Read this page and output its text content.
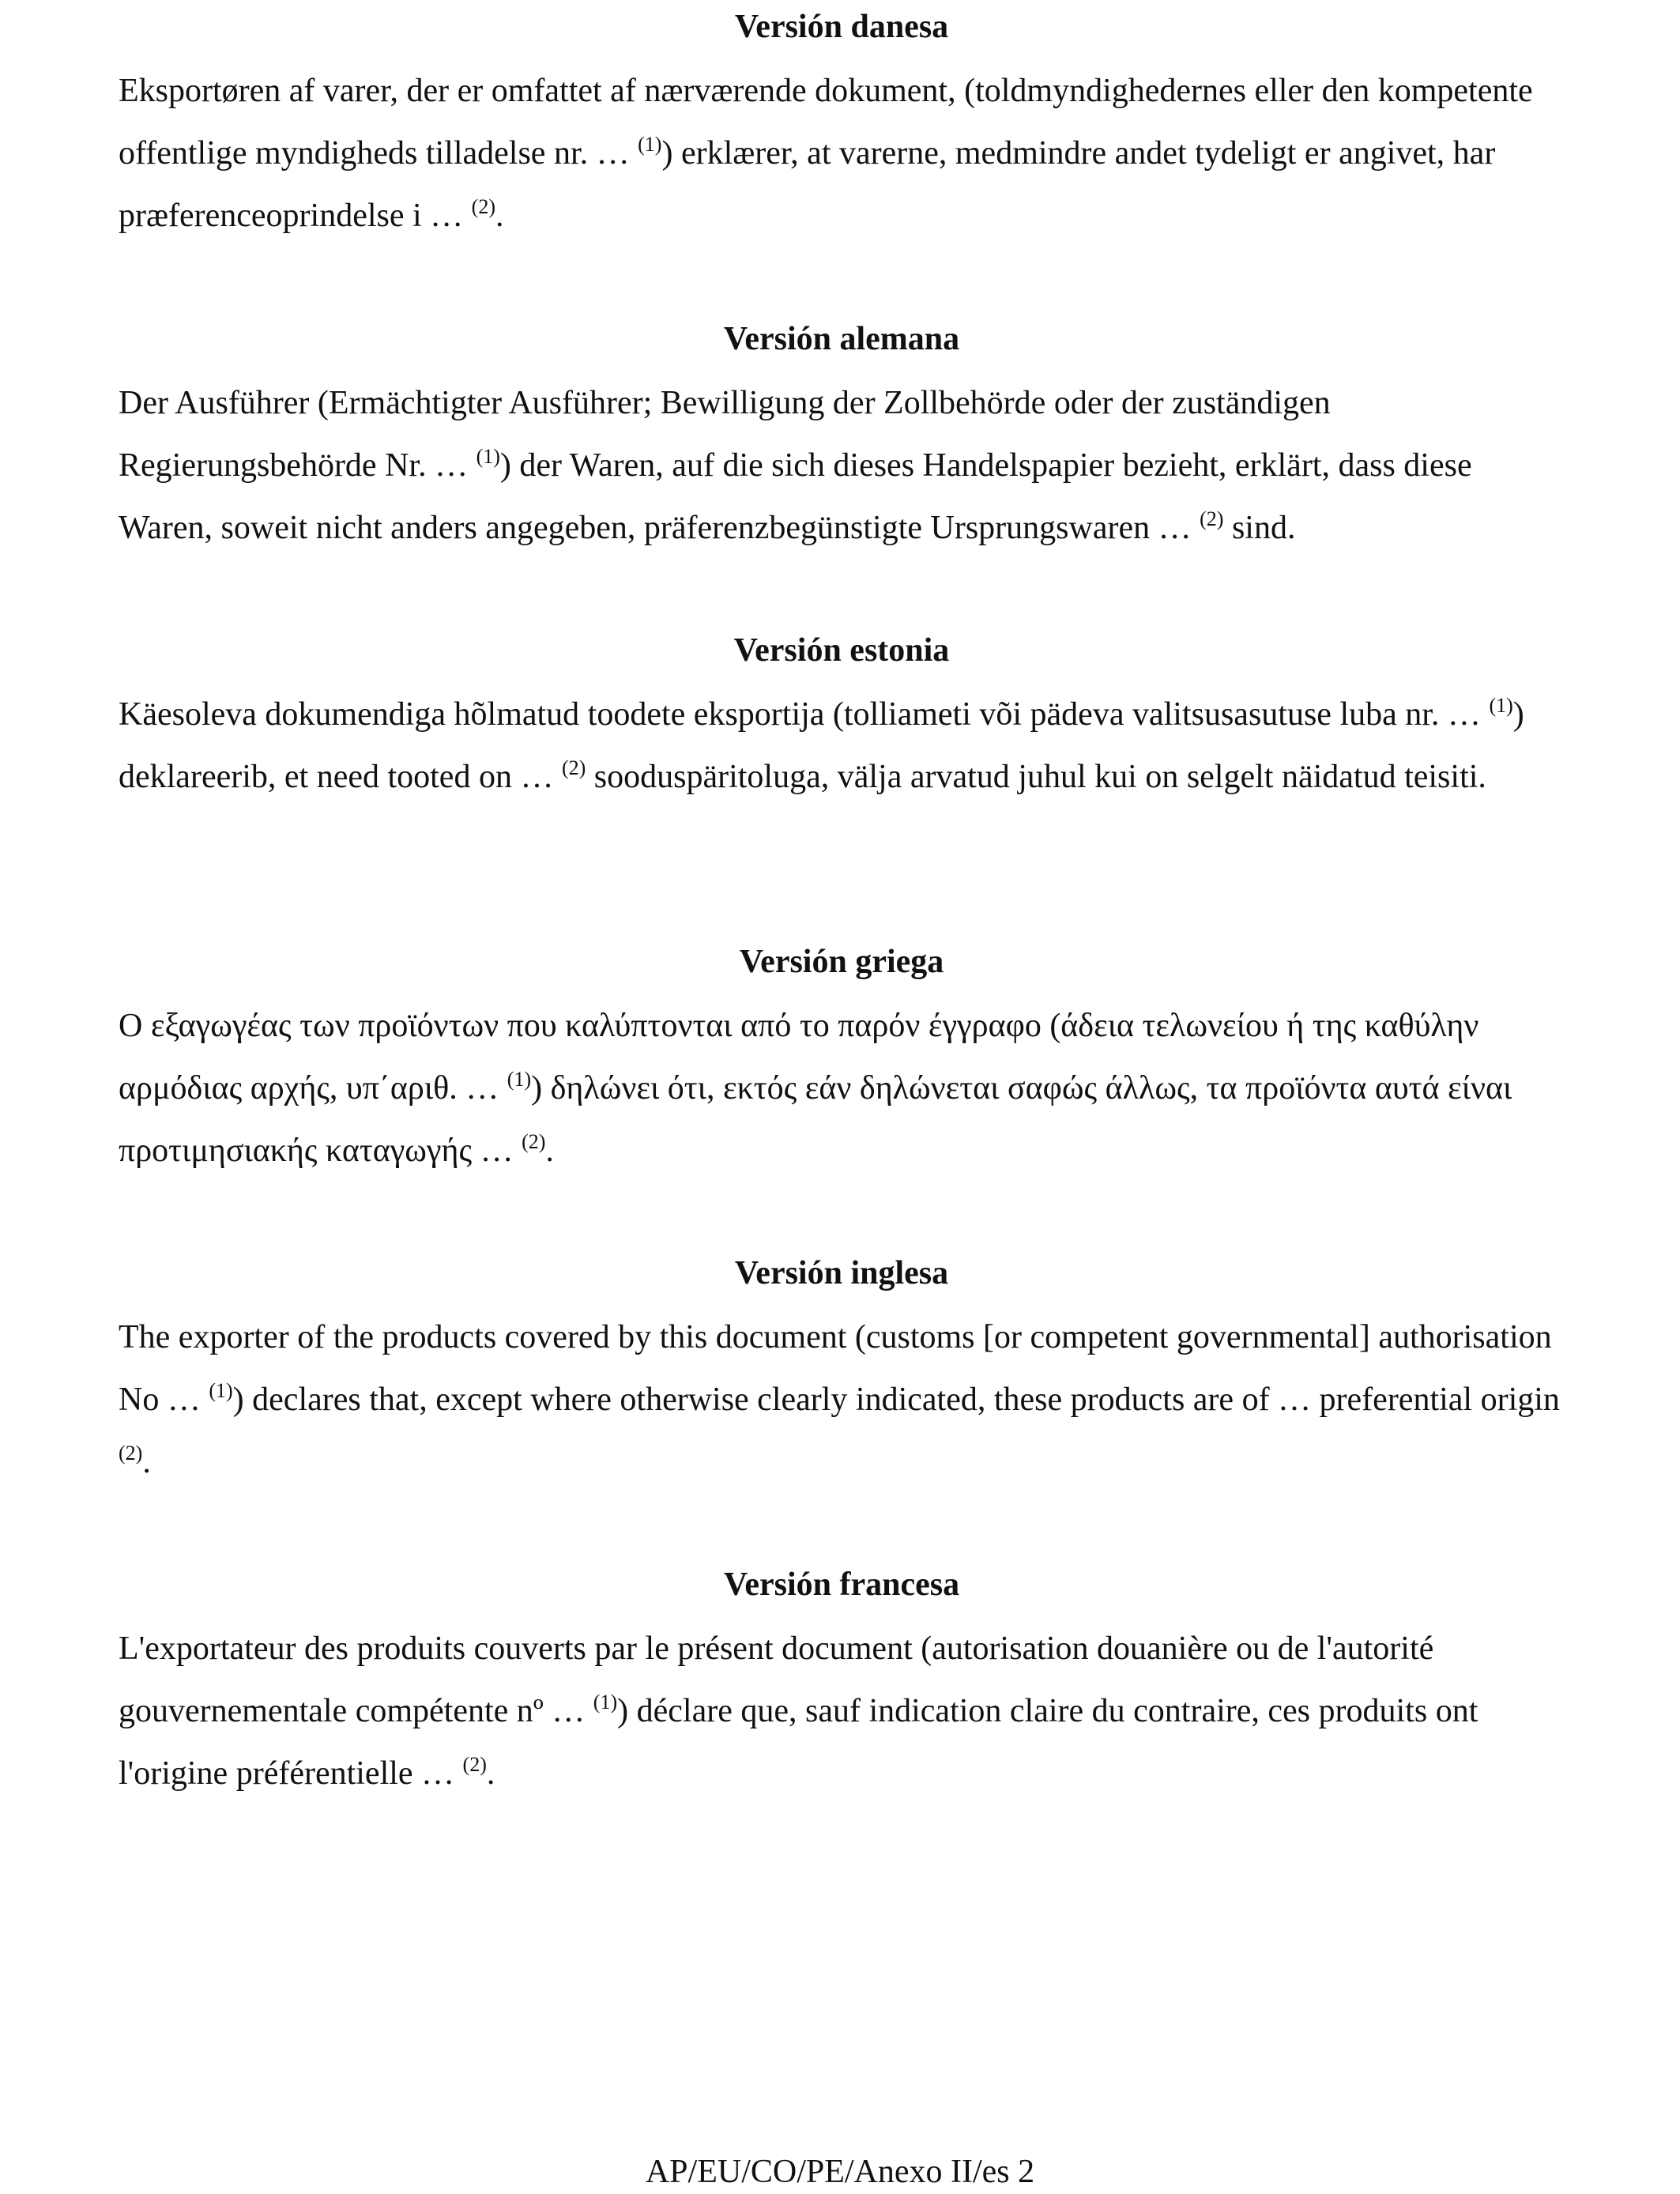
Versión danesa

Eksportøren af varer, der er omfattet af nærværende dokument, (toldmyndighedernes eller den kompetente offentlige myndigheds tilladelse nr. … $^{(1)}$) erklærer, at varerne, medmindre andet tydeligt er angivet, har præferenceoprindelse i … $^{(2)}$.

Versión alemana

Der Ausführer (Ermächtigter Ausführer; Bewilligung der Zollbehörde oder der zuständigen Regierungsbehörde Nr. … $^{(1)}$) der Waren, auf die sich dieses Handelspapier bezieht, erklärt, dass diese Waren, soweit nicht anders angegeben, präferenzbegünstigte Ursprungswaren … $^{(2)}$ sind.

Versión estonia

Käesoleva dokumendiga hõlmatud toodete eksportija (tolliameti või pädeva valitsusasutuse luba nr. … $^{(1)}$) deklareerib, et need tooted on … $^{(2)}$ sooduspäritoluga, välja arvatud juhul kui on selgelt näidatud teisiti.

Versión griega

Ο εξαγωγέας των προϊόντων που καλύπτονται από το παρόν έγγραφο (άδεια τελωνείου ή της καθύλην αρμόδιας αρχής, υπ΄αριθ. … $^{(1)}$) δηλώνει ότι, εκτός εάν δηλώνεται σαφώς άλλως, τα προϊόντα αυτά είναι προτιμησιακής καταγωγής … $^{(2)}$.

Versión inglesa

The exporter of the products covered by this document (customs [or competent governmental] authorisation No … $^{(1)}$) declares that, except where otherwise clearly indicated, these products are of … preferential origin $^{(2)}$.

Versión francesa

L'exportateur des produits couverts par le présent document (autorisation douanière ou de l'autorité gouvernementale compétente nº … $^{(1)}$) déclare que, sauf indication claire du contraire, ces produits ont l'origine préférentielle … $^{(2)}$.

AP/EU/CO/PE/Anexo II/es 2
